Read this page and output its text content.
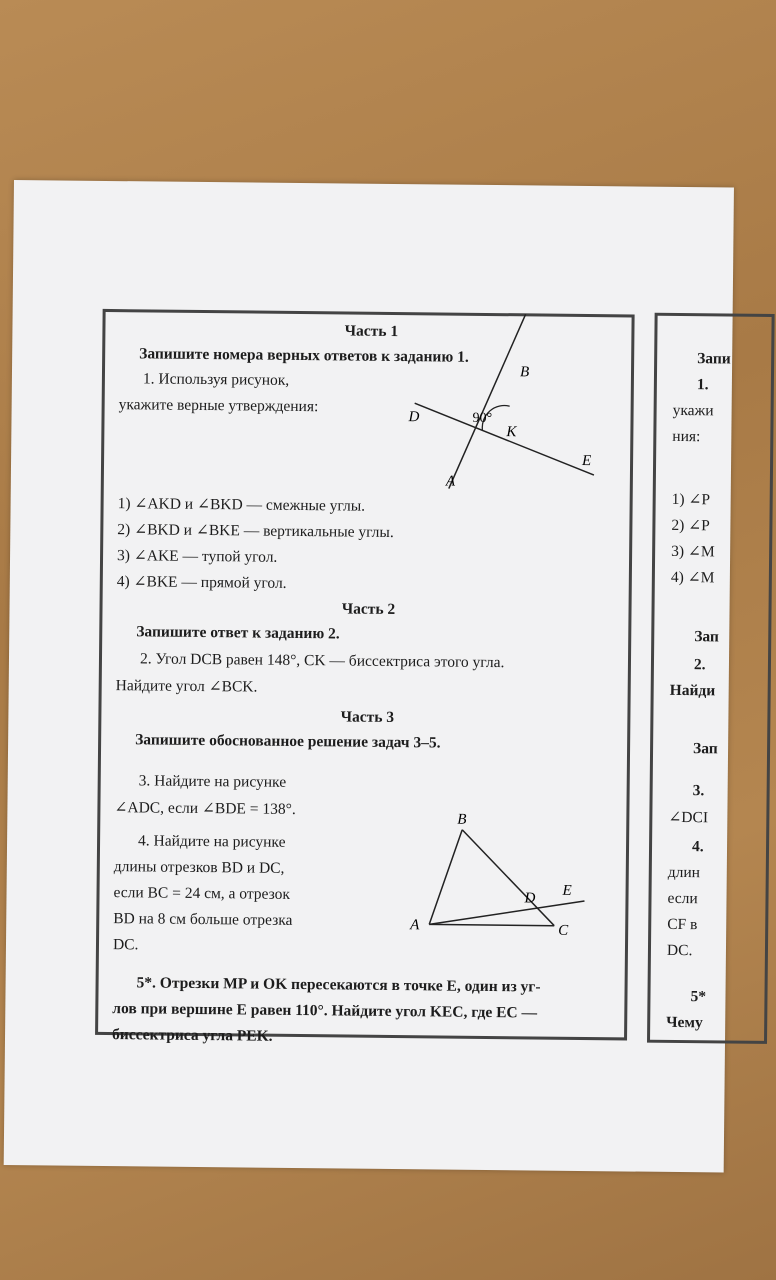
Часть 1
Запишите номера верных ответов к заданию 1.
1. Используя рисунок,
укажите верные утверждения:
90°
B
D
K
E
A
1) ∠AKD и ∠BKD — смежные углы.
2) ∠BKD и ∠BKE — вертикальные углы.
3) ∠AKE — тупой угол.
4) ∠BKE — прямой угол.
Часть 2
Запишите ответ к заданию 2.
2. Угол DCB равен 148°, CK — биссектриса этого угла.
Найдите угол ∠BCK.
Часть 3
Запишите обоснованное решение задач 3–5.
3. Найдите на рисунке
∠ADC, если ∠BDE = 138°.
4. Найдите на рисунке
длины отрезков BD и DC,
если BC = 24 см, а отрезок
BD на 8 см больше отрезка
DC.
B
D E
A	C
5*. Отрезки MP и OK пересекаются в точке E, один из уг-
лов при вершине E равен 110°. Найдите угол KEC, где EC —
биссектриса угла PEK.
Запи
1.
укажи
ния:
1) ∠P
2) ∠P
3) ∠M
4) ∠M
Зап
2.
Найди
Зап
3.
∠DCI
4.
длин
если
CF в
DC.
5*
Чему
